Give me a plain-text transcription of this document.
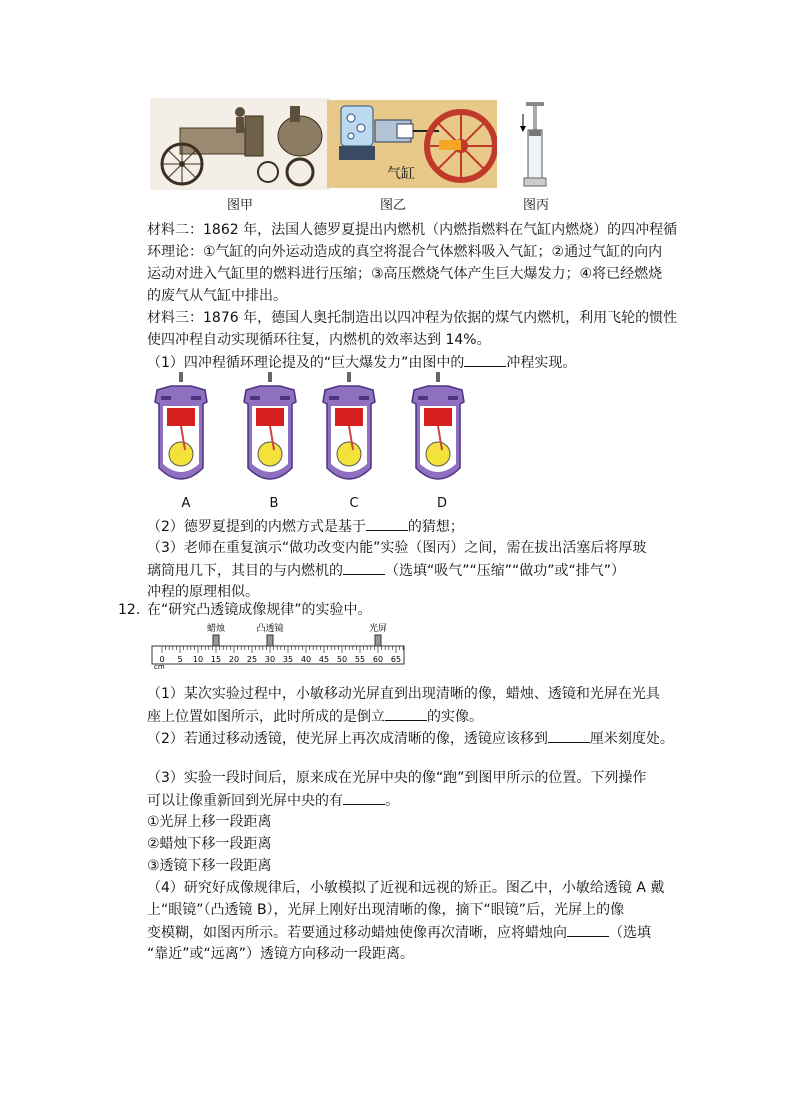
气缸
图甲	图乙	图丙
材料二：1862 年，法国人德罗夏提出内燃机（内燃指燃料在气缸内燃烧）的四冲程循
环理论：①气缸的向外运动造成的真空将混合气体燃料吸入气缸；②通过气缸的向内
运动对进入气缸里的燃料进行压缩；③高压燃烧气体产生巨大爆发力；④将已经燃烧
的废气从气缸中排出。
材料三：1876 年，德国人奥托制造出以四冲程为依据的煤气内燃机，利用飞轮的惯性
使四冲程自动实现循环往复，内燃机的效率达到 14%。
（1）四冲程循环理论提及的“巨大爆发力”由图中的	冲程实现。
A	B	C	D
（2）德罗夏提到的内燃方式是基于	的猜想；
（3）老师在重复演示“做功改变内能”实验（图丙）之间，需在拔出活塞后将厚玻
璃筒甩几下，其目的与内燃机的	（选填“吸气”“压缩”“做功”或“排气”）
冲程的原理相似。
12. 在“研究凸透镜成像规律”的实验中。
0 5 10 15 20 25 30 35 40 45 50 55 60 65
cm
蜡烛	凸透镜	光屏
（1）某次实验过程中，小敏移动光屏直到出现清晰的像，蜡烛、透镜和光屏在光具
座上位置如图所示，此时所成的是倒立	的实像。
（2）若通过移动透镜，使光屏上再次成清晰的像，透镜应该移到	厘米刻度处。
（3）实验一段时间后，原来成在光屏中央的像“跑”到图甲所示的位置。下列操作
可以让像重新回到光屏中央的有	。
①光屏上移一段距离
②蜡烛下移一段距离
③透镜下移一段距离
（4）研究好成像规律后，小敏模拟了近视和远视的矫正。图乙中，小敏给透镜 A 戴
上“眼镜”（凸透镜 B），光屏上刚好出现清晰的像，摘下“眼镜”后，光屏上的像
变模糊，如图丙所示。若要通过移动蜡烛使像再次清晰，应将蜡烛向	（选填
“靠近”或“远离”）透镜方向移动一段距离。
